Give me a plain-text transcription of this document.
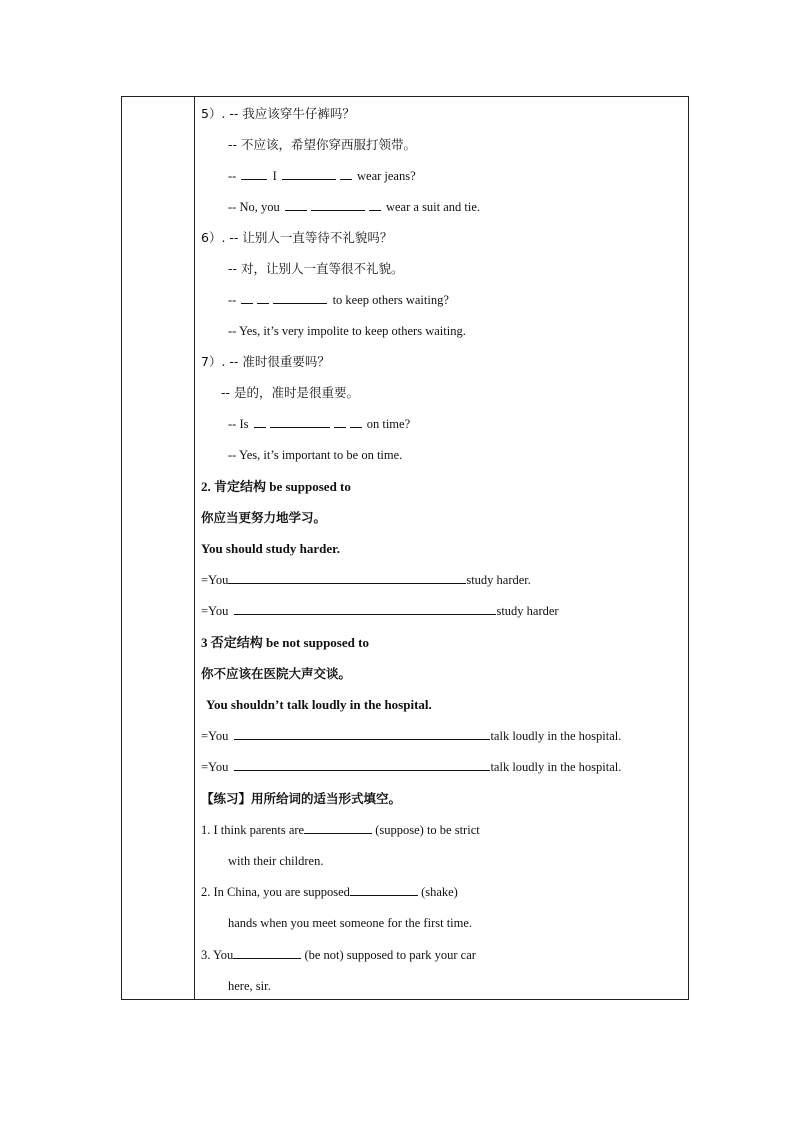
5）. -- 我应该穿牛仔裤吗？
-- 不应该，希望你穿西服打领带。
--  I	wear jeans?
-- No, you	wear a suit and tie.
6）. -- 让别人一直等待不礼貌吗？
-- 对，让别人一直等很不礼貌。
--	to keep others waiting?
-- Yes, it’s very impolite to keep others waiting.
7）. -- 准时很重要吗？
-- 是的，准时是很重要。
-- Is	on time?
-- Yes, it’s important to be on time.
2. 肯定结构 be supposed to
你应当更努力地学习。
You should study harder.
=You	study harder.
=You	study harder
3 否定结构 be not supposed to
你不应该在医院大声交谈。
You shouldn’t talk loudly in the hospital.
=You	talk loudly in the hospital.
=You	talk loudly in the hospital.
【练习】用所给词的适当形式填空。
1. I think parents are	(suppose) to be strict
with their children.
2. In China, you are supposed	(shake)
hands when you meet someone for the first time.
3. You	(be not) supposed to park your car
here, sir.
